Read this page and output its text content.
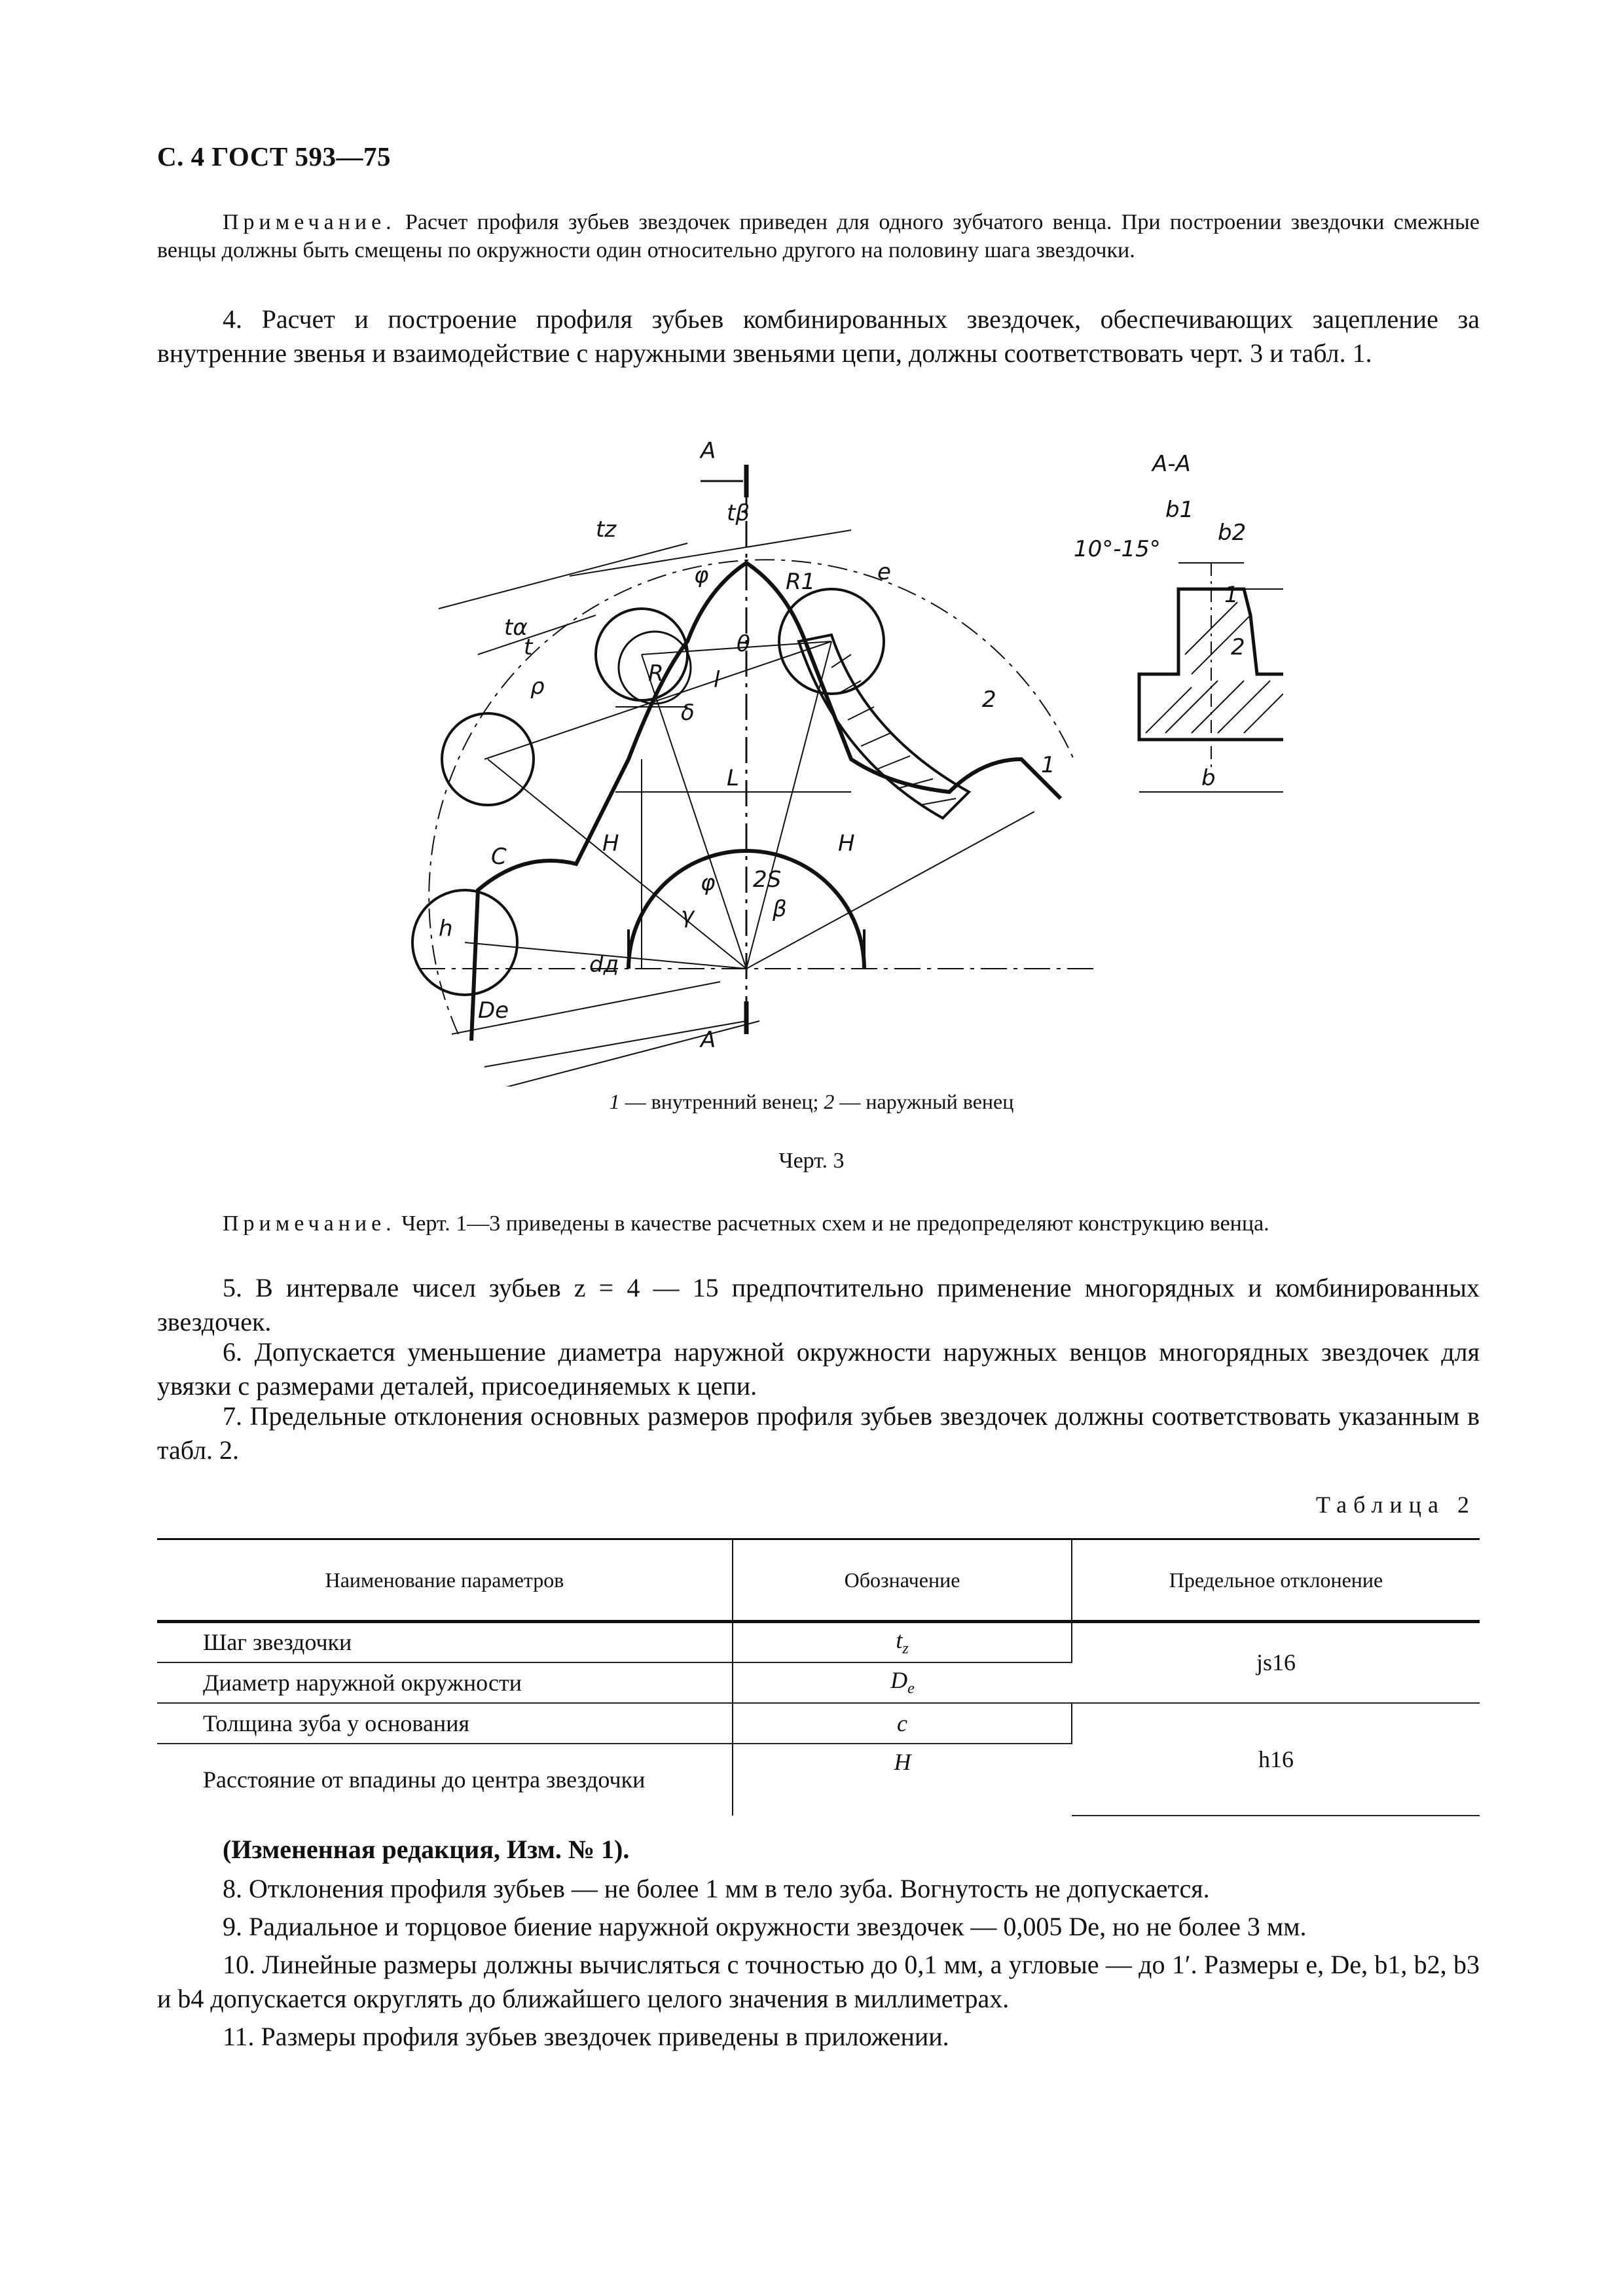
С. 4 ГОСТ 593—75
Примечание. Расчет профиля зубьев звездочек приведен для одного зубчатого венца. При построении звездочки смежные венцы должны быть смещены по окружности один относительно другого на половину шага звездочки.
4. Расчет и построение профиля зубьев комбинированных звездочек, обеспечивающих зацепление за внутренние звенья и взаимодействие с наружными звеньями цепи, должны соответствовать черт. 3 и табл. 1.
А
А
А-А
tz
tβ
tα
t
ρ
φ	R1	e
R
θ
l
δ
L
H	H
C
h
dд
De
φ 2S
β
γ
1
2
b1
b2
10°-15°
1
2
b
1 — внутренний венец; 2 — наружный венец
Черт. 3
Примечание. Черт. 1—3 приведены в качестве расчетных схем и не предопределяют конструкцию венца.
5. В интервале чисел зубьев z = 4 — 15 предпочтительно применение многорядных и комбинированных звездочек.
6. Допускается уменьшение диаметра наружной окружности наружных венцов многорядных звездочек для увязки с размерами деталей, присоединяемых к цепи.
7. Предельные отклонения основных размеров профиля зубьев звездочек должны соответствовать указанным в табл. 2.
Таблица 2
Наименование параметров	Обозначение	Предельное отклонение
Шаг звездочки	$t_z$	js16
Диаметр наружной окружности	$D_e$
Толщина зуба у основания	c	h16
Расстояние от впадины до центра звездочки	H	
(Измененная редакция, Изм. № 1).
8. Отклонения профиля зубьев — не более 1 мм в тело зуба. Вогнутость не допускается.
9. Радиальное и торцовое биение наружной окружности звездочек — 0,005 De, но не более 3 мм.
10. Линейные размеры должны вычисляться с точностью до 0,1 мм, а угловые — до 1′. Размеры e, De, b1, b2, b3 и b4 допускается округлять до ближайшего целого значения в миллиметрах.
11. Размеры профиля зубьев звездочек приведены в приложении.
